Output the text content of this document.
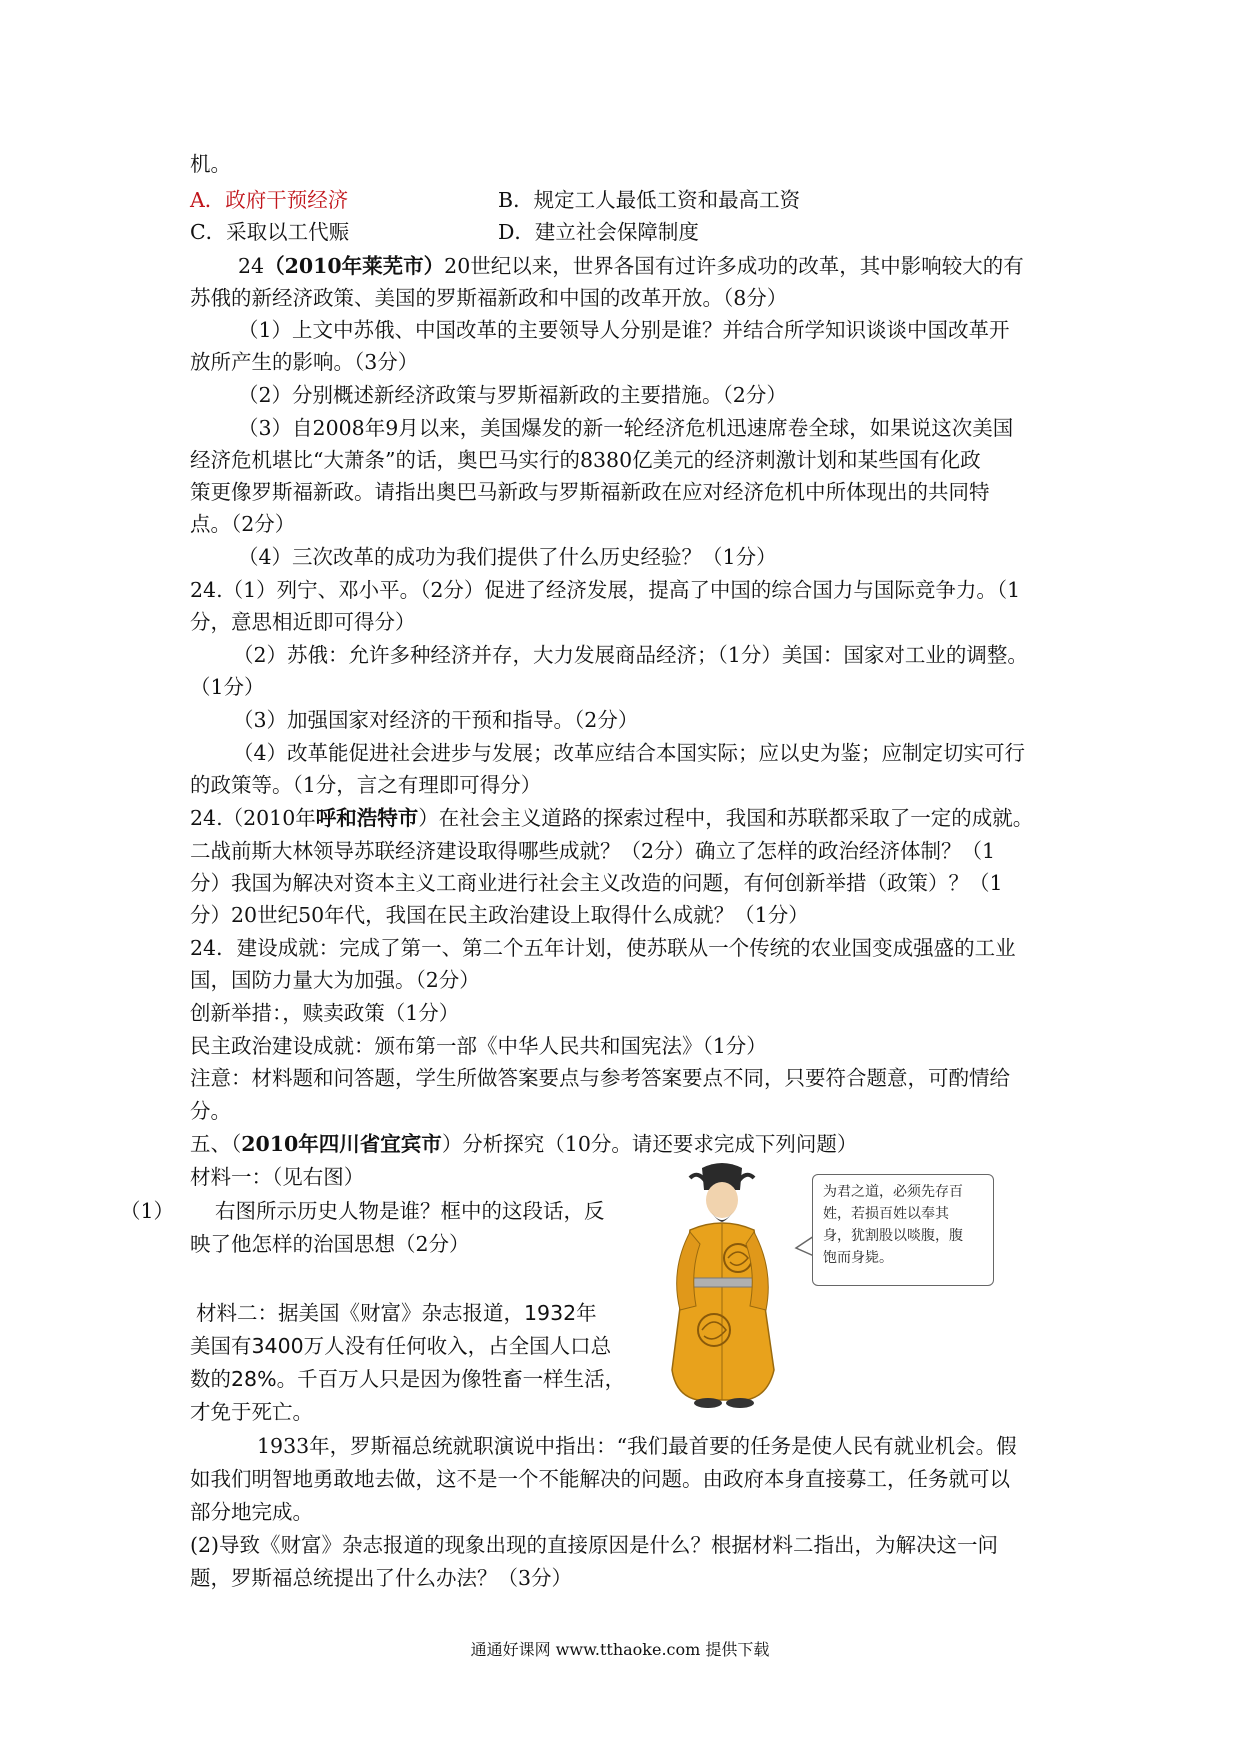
机。
A．政府干预经济	B．规定工人最低工资和最高工资
C．采取以工代赈	D．建立社会保障制度
24（2010年莱芜市）20世纪以来，世界各国有过许多成功的改革，其中影响较大的有
苏俄的新经济政策、美国的罗斯福新政和中国的改革开放。（8分）
（1）上文中苏俄、中国改革的主要领导人分别是谁？并结合所学知识谈谈中国改革开
放所产生的影响。（3分）
（2）分别概述新经济政策与罗斯福新政的主要措施。（2分）
（3）自2008年9月以来，美国爆发的新一轮经济危机迅速席卷全球，如果说这次美国
经济危机堪比“大萧条”的话，奥巴马实行的8380亿美元的经济刺激计划和某些国有化政
策更像罗斯福新政。请指出奥巴马新政与罗斯福新政在应对经济危机中所体现出的共同特
点。（2分）
（4）三次改革的成功为我们提供了什么历史经验？（1分）
24.（1）列宁、邓小平。（2分）促进了经济发展，提高了中国的综合国力与国际竞争力。（1
分，意思相近即可得分）
（2）苏俄：允许多种经济并存，大力发展商品经济；（1分）美国：国家对工业的调整。
（1分）
（3）加强国家对经济的干预和指导。（2分）
（4）改革能促进社会进步与发展；改革应结合本国实际；应以史为鉴；应制定切实可行
的政策等。（1分，言之有理即可得分）
24.（2010年呼和浩特市）在社会主义道路的探索过程中，我国和苏联都采取了一定的成就。
二战前斯大林领导苏联经济建设取得哪些成就？（2分）确立了怎样的政治经济体制？（1
分）我国为解决对资本主义工商业进行社会主义改造的问题，有何创新举措（政策）？（1
分）20世纪50年代，我国在民主政治建设上取得什么成就？（1分）
24．建设成就：完成了第一、第二个五年计划，使苏联从一个传统的农业国变成强盛的工业
国，国防力量大为加强。（2分）
创新举措：，赎卖政策（1分）
民主政治建设成就：颁布第一部《中华人民共和国宪法》（1分）
注意：材料题和问答题，学生所做答案要点与参考答案要点不同，只要符合题意，可酌情给
分。
五、（2010年四川省宜宾市）分析探究（10分。请还要求完成下列问题）
材料一：（见右图）
（1） 右图所示历史人物是谁？框中的这段话，反
映了他怎样的治国思想（2分）
材料二：据美国《财富》杂志报道，1932年
美国有3400万人没有任何收入，占全国人口总
数的28%。千百万人只是因为像牲畜一样生活，
才免于死亡。
1933年，罗斯福总统就职演说中指出：“我们最首要的任务是使人民有就业机会。假
如我们明智地勇敢地去做，这不是一个不能解决的问题。由政府本身直接募工，任务就可以
部分地完成。
(2)导致《财富》杂志报道的现象出现的直接原因是什么？根据材料二指出，为解决这一问
题，罗斯福总统提出了什么办法？（3分）
为君之道，必须先存百
姓，若损百姓以奉其
身，犹割股以啖腹，腹
饱而身毙。
通通好课网 www.tthaoke.com 提供下载
